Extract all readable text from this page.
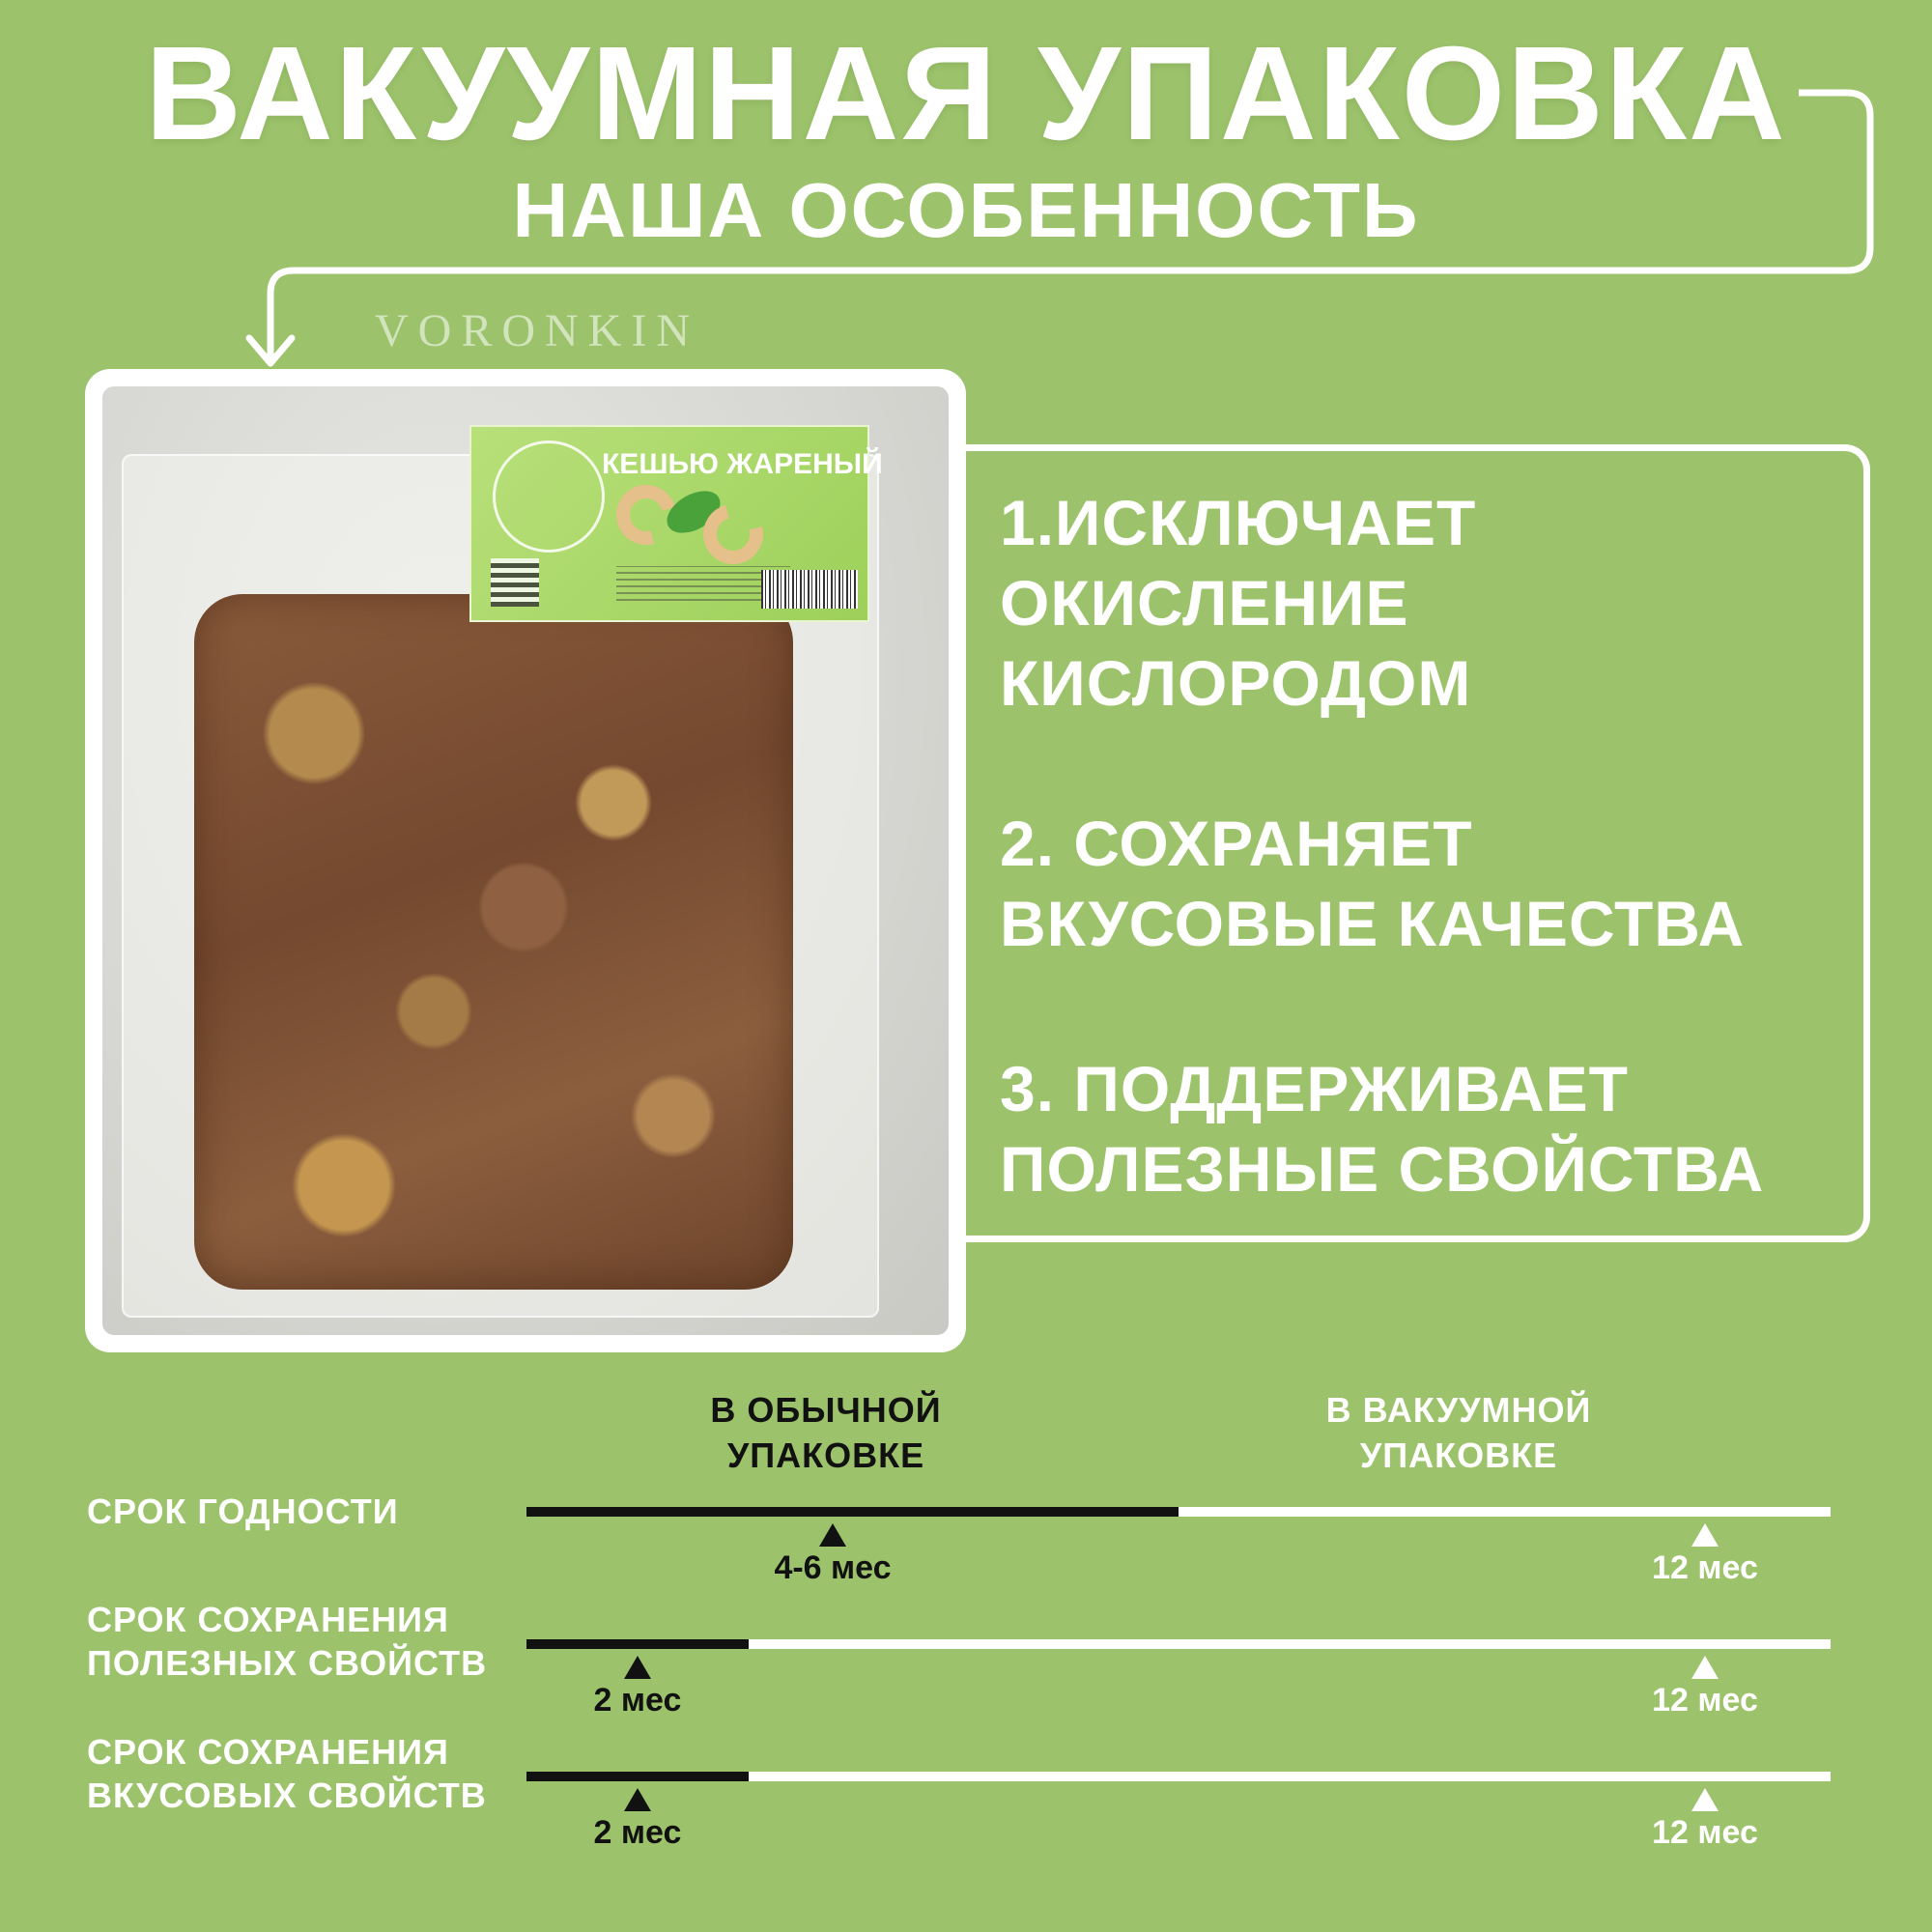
ВАКУУМНАЯ УПАКОВКА
НАША ОСОБЕННОСТЬ
VORONKIN
КЕШЬЮ ЖАРЕНЫЙ
1.ИСКЛЮЧАЕТ
ОКИСЛЕНИЕ
КИСЛОРОДОМ
2. СОХРАНЯЕТ
ВКУСОВЫЕ КАЧЕСТВА
3. ПОДДЕРЖИВАЕТ
ПОЛЕЗНЫЕ СВОЙСТВА
В ОБЫЧНОЙ
УПАКОВКЕ
В ВАКУУМНОЙ
УПАКОВКЕ
СРОК ГОДНОСТИ
4-6 мес	12 мес
СРОК СОХРАНЕНИЯ
ПОЛЕЗНЫХ СВОЙСТВ
2 мес	12 мес
СРОК СОХРАНЕНИЯ
ВКУСОВЫХ СВОЙСТВ
2 мес	12 мес
